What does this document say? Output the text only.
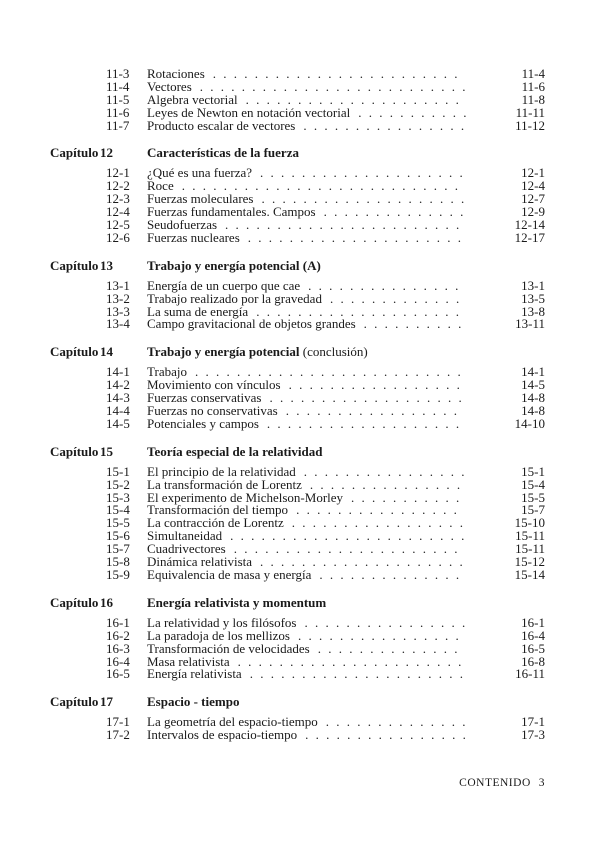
11-3 Rotaciones . . . . . . . . . . . . . . . . . . . . . . . .	11-4
11-4 Vectores . . . . . . . . . . . . . . . . . . . . . . . . . .	11-6
11-5 Algebra vectorial . . . . . . . . . . . . . . . . . . . . .	11-8
11-6 Leyes de Newton en notación vectorial . . . . . . . . . . .	11-11
11-7 Producto escalar de vectores . . . . . . . . . . . . . . . .	11-12
Capítulo 12	Características de la fuerza
12-1 ¿Qué es una fuerza? . . . . . . . . . . . . . . . . . . . .	12-1
12-2 Roce . . . . . . . . . . . . . . . . . . . . . . . . . . .	12-4
12-3 Fuerzas moleculares . . . . . . . . . . . . . . . . . . . .	12-7
12-4 Fuerzas fundamentales. Campos . . . . . . . . . . . . . .	12-9
12-5 Seudofuerzas . . . . . . . . . . . . . . . . . . . . . . .	12-14
12-6 Fuerzas nucleares . . . . . . . . . . . . . . . . . . . . .	12-17
Capítulo 13	Trabajo y energía potencial (A)
13-1 Energía de un cuerpo que cae . . . . . . . . . . . . . . .	13-1
13-2 Trabajo realizado por la gravedad . . . . . . . . . . . . .	13-5
13-3 La suma de energía . . . . . . . . . . . . . . . . . . . .	13-8
13-4 Campo gravitacional de objetos grandes . . . . . . . . . .	13-11
Capítulo 14	Trabajo y energía potencial (conclusión)
14-1 Trabajo . . . . . . . . . . . . . . . . . . . . . . . . . .	14-1
14-2 Movimiento con vínculos . . . . . . . . . . . . . . . . .	14-5
14-3 Fuerzas conservativas . . . . . . . . . . . . . . . . . . .	14-8
14-4 Fuerzas no conservativas . . . . . . . . . . . . . . . . .	14-8
14-5 Potenciales y campos . . . . . . . . . . . . . . . . . . .	14-10
Capítulo 15	Teoría especial de la relatividad
15-1 El principio de la relatividad . . . . . . . . . . . . . . . .	15-1
15-2 La transformación de Lorentz . . . . . . . . . . . . . . .	15-4
15-3 El experimento de Michelson-Morley . . . . . . . . . . .	15-5
15-4 Transformación del tiempo . . . . . . . . . . . . . . . .	15-7
15-5 La contracción de Lorentz . . . . . . . . . . . . . . . . .	15-10
15-6 Simultaneidad . . . . . . . . . . . . . . . . . . . . . . .	15-11
15-7 Cuadrivectores . . . . . . . . . . . . . . . . . . . . . .	15-11
15-8 Dinámica relativista . . . . . . . . . . . . . . . . . . . .	15-12
15-9 Equivalencia de masa y energía . . . . . . . . . . . . . .	15-14
Capítulo 16	Energía relativista y momentum
16-1 La relatividad y los filósofos . . . . . . . . . . . . . . . .	16-1
16-2 La paradoja de los mellizos . . . . . . . . . . . . . . . .	16-4
16-3 Transformación de velocidades . . . . . . . . . . . . . .	16-5
16-4 Masa relativista . . . . . . . . . . . . . . . . . . . . . .	16-8
16-5 Energía relativista . . . . . . . . . . . . . . . . . . . . .	16-11
Capítulo 17	Espacio - tiempo
17-1 La geometría del espacio-tiempo . . . . . . . . . . . . . .	17-1
17-2 Intervalos de espacio-tiempo . . . . . . . . . . . . . . . .	17-3
CONTENIDO 3
